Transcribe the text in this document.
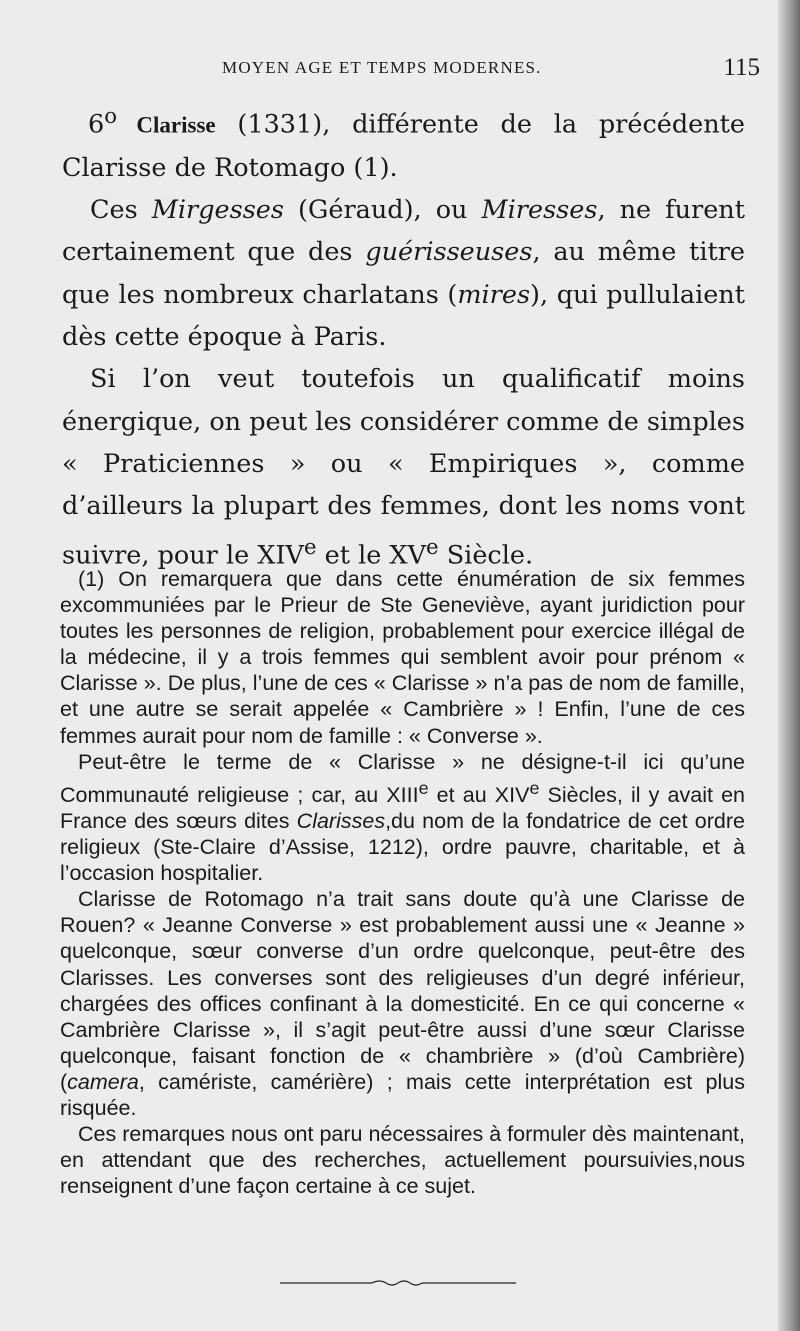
MOYEN AGE ET TEMPS MODERNES.	115

6$^o$ Clarisse (1331), différente de la précédente Clarisse de Rotomago (1).

Ces Mirgesses (Géraud), ou Miresses, ne furent certainement que des guérisseuses, au même titre que les nombreux charlatans (mires), qui pullulaient dès cette époque à Paris.

Si l’on veut toutefois un qualificatif moins énergique, on peut les considérer comme de simples « Praticiennes » ou « Empiriques », comme d’ailleurs la plupart des femmes, dont les noms vont suivre, pour le XIVe et le XVe Siècle.

(1) On remarquera que dans cette énumération de six femmes excommuniées par le Prieur de Ste Geneviève, ayant juridiction pour toutes les personnes de religion, probablement pour exercice illégal de la médecine, il y a trois femmes qui semblent avoir pour prénom « Clarisse ». De plus, l’une de ces « Clarisse » n’a pas de nom de famille, et une autre se serait appelée « Cambrière » ! Enfin, l’une de ces femmes aurait pour nom de famille : « Converse ».

Peut-être le terme de « Clarisse » ne désigne-t-il ici qu’une Communauté religieuse ; car, au XIIIe et au XIVe Siècles, il y avait en France des sœurs dites Clarisses,du nom de la fondatrice de cet ordre religieux (Ste-Claire d’Assise, 1212), ordre pauvre, charitable, et à l’occasion hospitalier.

Clarisse de Rotomago n’a trait sans doute qu’à une Clarisse de Rouen? « Jeanne Converse » est probablement aussi une « Jeanne » quelconque, sœur converse d’un ordre quelconque, peut-être des Clarisses. Les converses sont des religieuses d’un degré inférieur, chargées des offices confinant à la domesticité. En ce qui concerne « Cambrière Clarisse », il s’agit peut-être aussi d’une sœur Clarisse quelconque, faisant fonction de « chambrière » (d’où Cambrière) (camera, camériste, camérière) ; mais cette interprétation est plus risquée.

Ces remarques nous ont paru nécessaires à formuler dès maintenant, en attendant que des recherches, actuellement poursuivies,nous renseignent d’une façon certaine à ce sujet.
